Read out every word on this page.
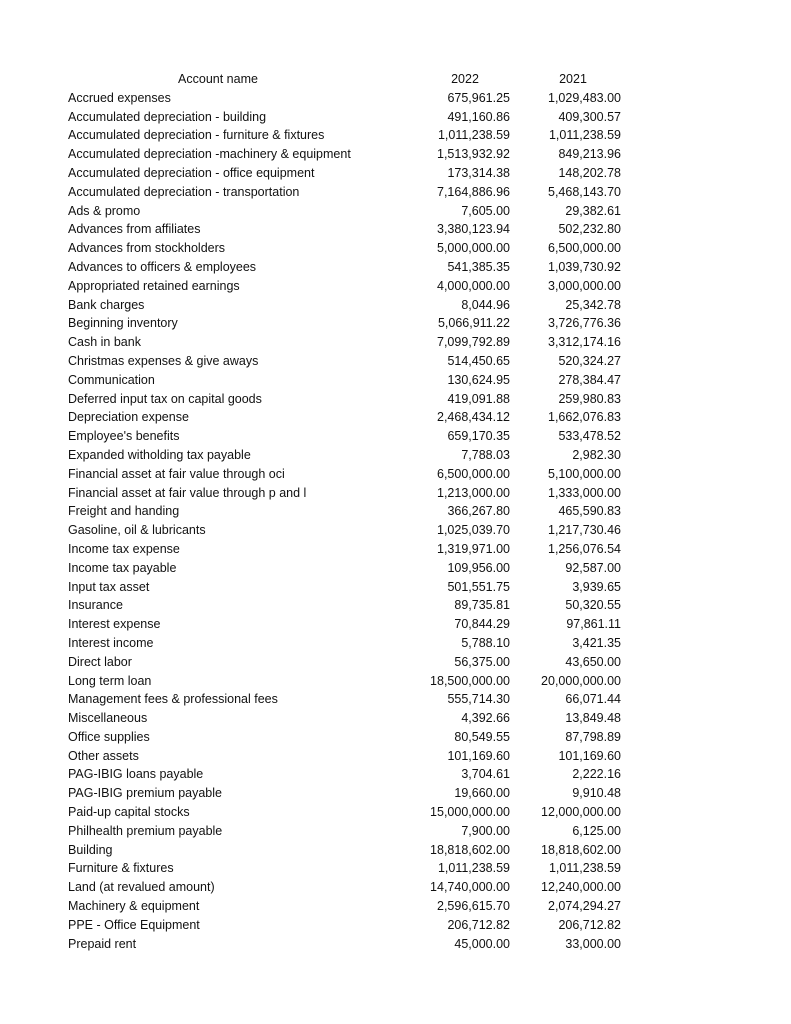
Account name	2022	2021
Accrued expenses	675,961.25	1,029,483.00
Accumulated depreciation - building	491,160.86	409,300.57
Accumulated depreciation - furniture & fixtures	1,011,238.59	1,011,238.59
Accumulated depreciation -machinery & equipment	1,513,932.92	849,213.96
Accumulated depreciation - office equipment	173,314.38	148,202.78
Accumulated depreciation - transportation	7,164,886.96	5,468,143.70
Ads & promo	7,605.00	29,382.61
Advances from affiliates	3,380,123.94	502,232.80
Advances from stockholders	5,000,000.00	6,500,000.00
Advances to officers & employees	541,385.35	1,039,730.92
Appropriated retained earnings	4,000,000.00	3,000,000.00
Bank charges	8,044.96	25,342.78
Beginning inventory	5,066,911.22	3,726,776.36
Cash in bank	7,099,792.89	3,312,174.16
Christmas expenses & give aways	514,450.65	520,324.27
Communication	130,624.95	278,384.47
Deferred input tax on capital goods	419,091.88	259,980.83
Depreciation expense	2,468,434.12	1,662,076.83
Employee's benefits	659,170.35	533,478.52
Expanded witholding tax payable	7,788.03	2,982.30
Financial asset at fair value through oci	6,500,000.00	5,100,000.00
Financial asset at fair value through p and l	1,213,000.00	1,333,000.00
Freight and handing	366,267.80	465,590.83
Gasoline, oil & lubricants	1,025,039.70	1,217,730.46
Income tax expense	1,319,971.00	1,256,076.54
Income tax payable	109,956.00	92,587.00
Input tax asset	501,551.75	3,939.65
Insurance	89,735.81	50,320.55
Interest expense	70,844.29	97,861.11
Interest income	5,788.10	3,421.35
Direct labor	56,375.00	43,650.00
Long term loan	18,500,000.00	20,000,000.00
Management fees & professional fees	555,714.30	66,071.44
Miscellaneous	4,392.66	13,849.48
Office supplies	80,549.55	87,798.89
Other assets	101,169.60	101,169.60
PAG-IBIG loans payable	3,704.61	2,222.16
PAG-IBIG premium payable	19,660.00	9,910.48
Paid-up capital stocks	15,000,000.00	12,000,000.00
Philhealth premium payable	7,900.00	6,125.00
Building	18,818,602.00	18,818,602.00
Furniture & fixtures	1,011,238.59	1,011,238.59
Land (at revalued amount)	14,740,000.00	12,240,000.00
Machinery & equipment	2,596,615.70	2,074,294.27
PPE - Office Equipment	206,712.82	206,712.82
Prepaid rent	45,000.00	33,000.00
